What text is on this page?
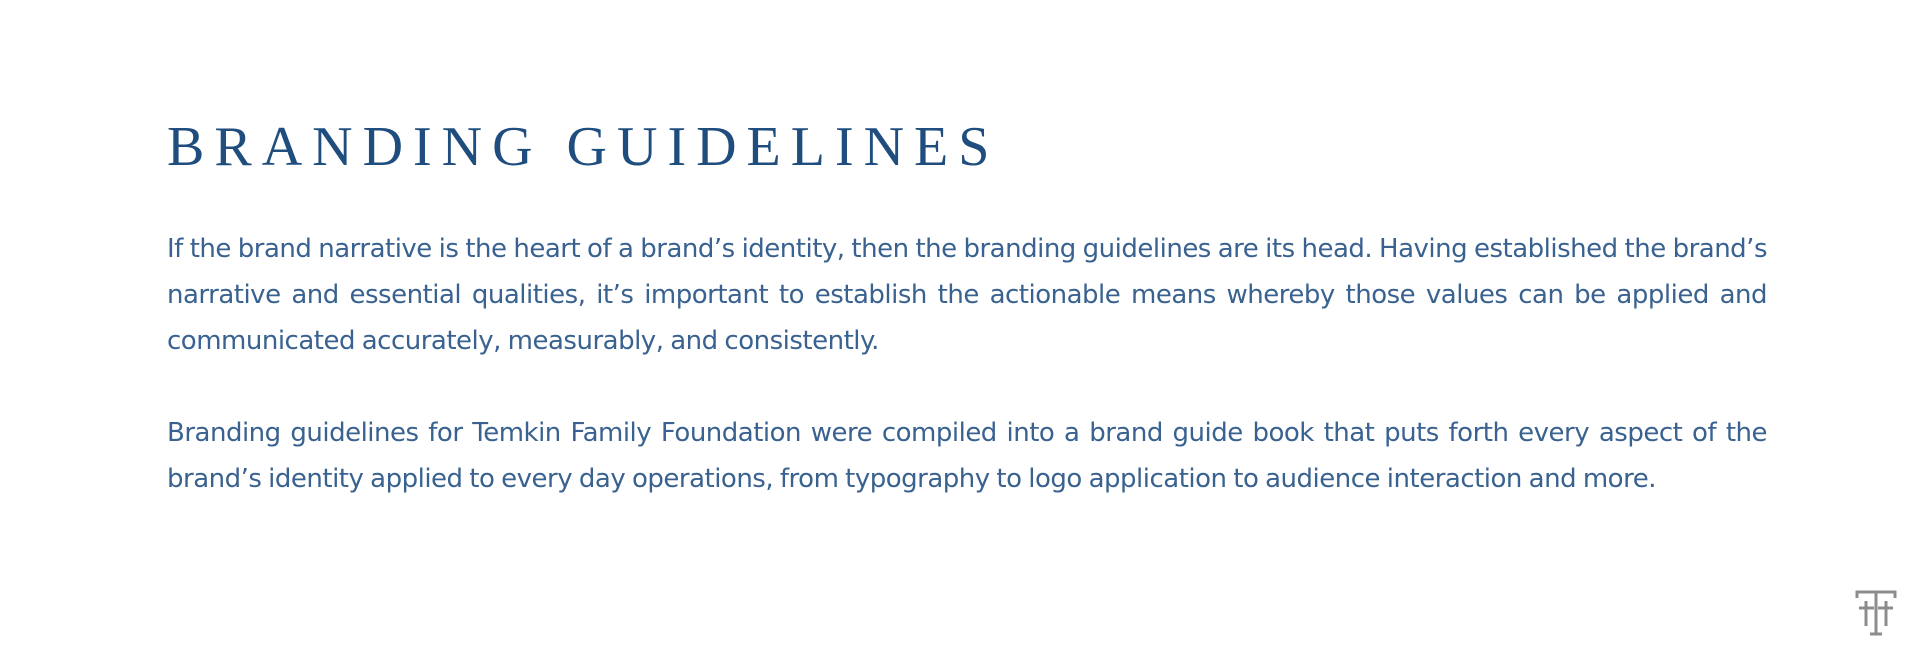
BRANDING GUIDELINES

If the brand narrative is the heart of a brand’s identity, then the branding guidelines are its head. Having established the brand’s narrative and essential qualities, it’s important to establish the actionable means whereby those values can be applied and communicated accurately, measurably, and consistently.

Branding guidelines for Temkin Family Foundation were compiled into a brand guide book that puts forth every aspect of the brand’s identity applied to every day operations, from typography to logo application to audience interaction and more.
